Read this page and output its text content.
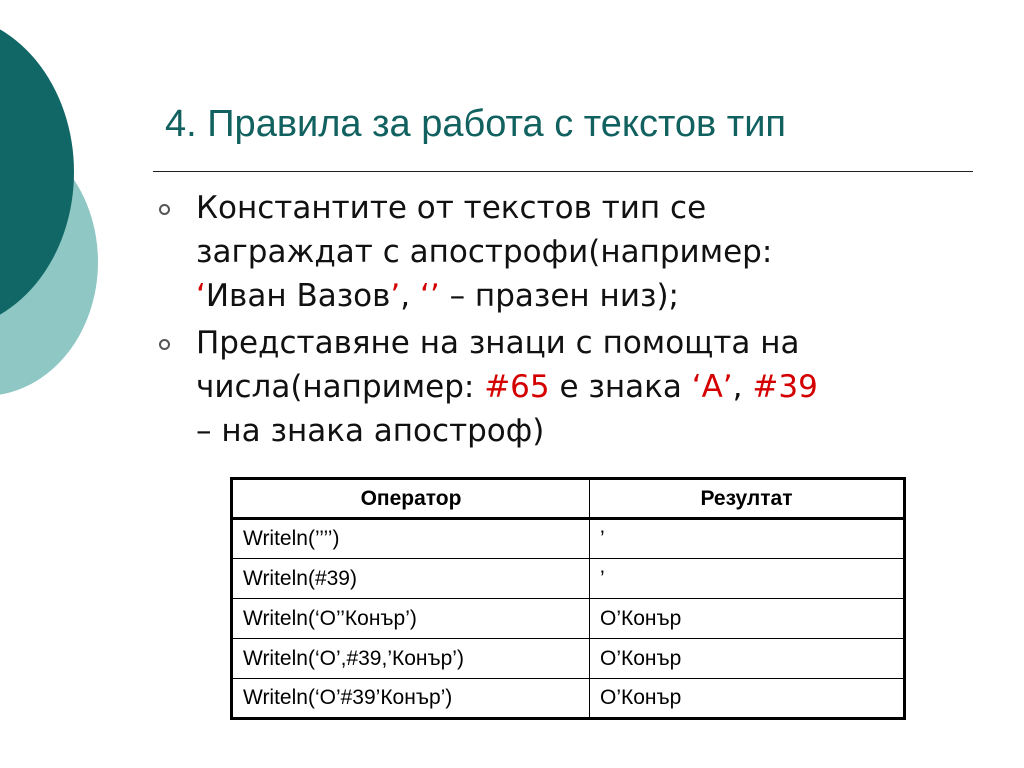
4. Правила за работа с текстов тип
Константите от текстов тип се
заграждат с апострофи(например:
‘Иван Вазов’, ‘’ – празен низ);
Представяне на знаци с помощта на
числа(например: #65 е знака ‘A’, #39
– на знака апостроф)
Оператор	Резултат
Writeln(’’’’)	’
Writeln(#39)	’
Writeln(‘O’’Конър’)	O’Конър
Writeln(‘O’,#39,’Конър’)	O’Конър
Writeln(‘O’#39’Конър’)	O’Конър
